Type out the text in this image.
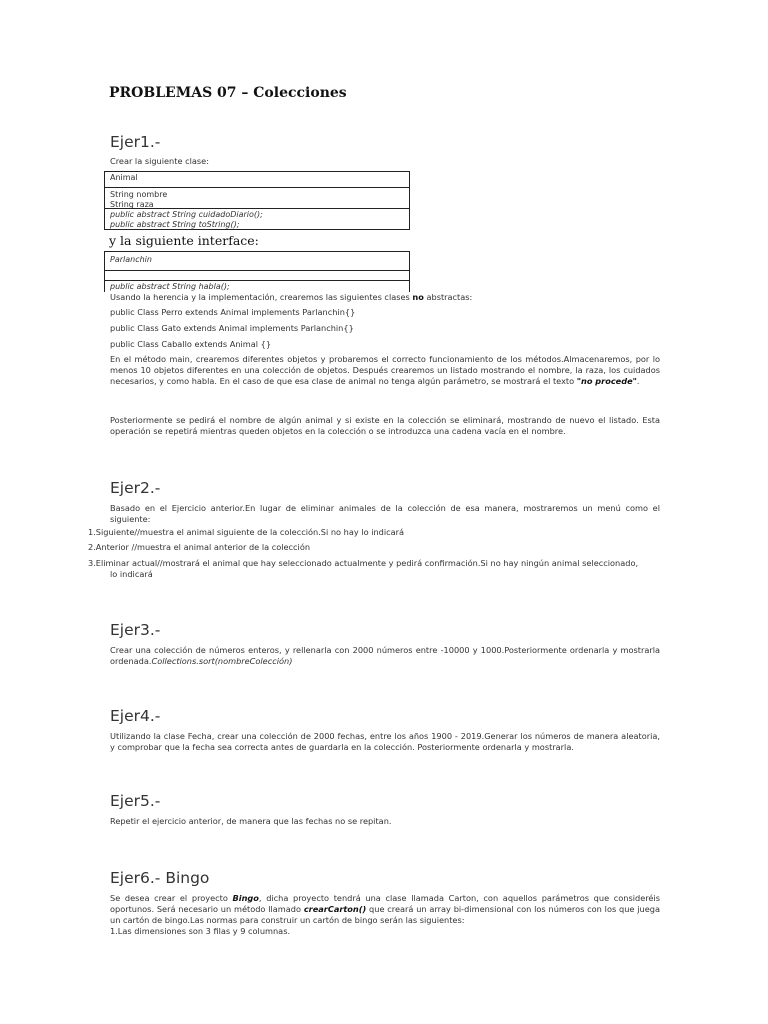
PROBLEMAS 07 – Colecciones
Ejer1.-
Crear la siguiente clase:
Animal
String nombre
String raza
public abstract String cuidadoDiario();
public abstract String toString();
y la siguiente interface:
Parlanchin
public abstract String habla();
Usando la herencia y la implementación, crearemos las siguientes clases no abstractas:
public Class Perro extends Animal implements Parlanchin{}
public Class Gato extends Animal implements Parlanchin{}
public Class Caballo extends Animal {}

En el método main, crearemos diferentes objetos y probaremos el correcto funcionamiento de los métodos.Almacenaremos, por lo menos 10 objetos diferentes en una colección de objetos. Después crearemos un listado mostrando el nombre, la raza, los cuidados necesarios, y como habla. En el caso de que esa clase de animal no tenga algún parámetro, se mostrará el texto "no procede".

Posteriormente se pedirá el nombre de algún animal y si existe en la colección se eliminará, mostrando de nuevo el listado. Esta operación se repetirá mientras queden objetos en la colección o se introduzca una cadena vacía en el nombre.

Ejer2.-

Basado en el Ejercicio anterior.En lugar de eliminar animales de la colección de esa manera, mostraremos un menú como el siguiente:

1.Siguiente//muestra el animal siguiente de la colección.Si no hay lo indicará
2.Anterior //muestra el animal anterior de la colección
3.Eliminar actual//mostrará el animal que hay seleccionado actualmente y pedirá confirmación.Si no hay ningún animal seleccionado,
lo indicará
Ejer3.-

Crear una colección de números enteros, y rellenarla con 2000 números entre -10000 y 1000.Posteriormente ordenarla y mostrarla ordenada.Collections.sort(nombreColección)

Ejer4.-

Utilizando la clase Fecha, crear una colección de 2000 fechas, entre los años 1900 - 2019.Generar los números de manera aleatoria, y comprobar que la fecha sea correcta antes de guardarla en la colección. Posteriormente ordenarla y mostrarla.

Ejer5.-
Repetir el ejercicio anterior, de manera que las fechas no se repitan.
Ejer6.- Bingo

Se desea crear el proyecto Bingo, dicha proyecto tendrá una clase llamada Carton, con aquellos parámetros que consideréis oportunos. Será necesario un método llamado crearCarton() que creará un array bi-dimensional con los números con los que juega un cartón de bingo.Las normas para construir un cartón de bingo serán las siguientes:

1.Las dimensiones son 3 filas y 9 columnas.
